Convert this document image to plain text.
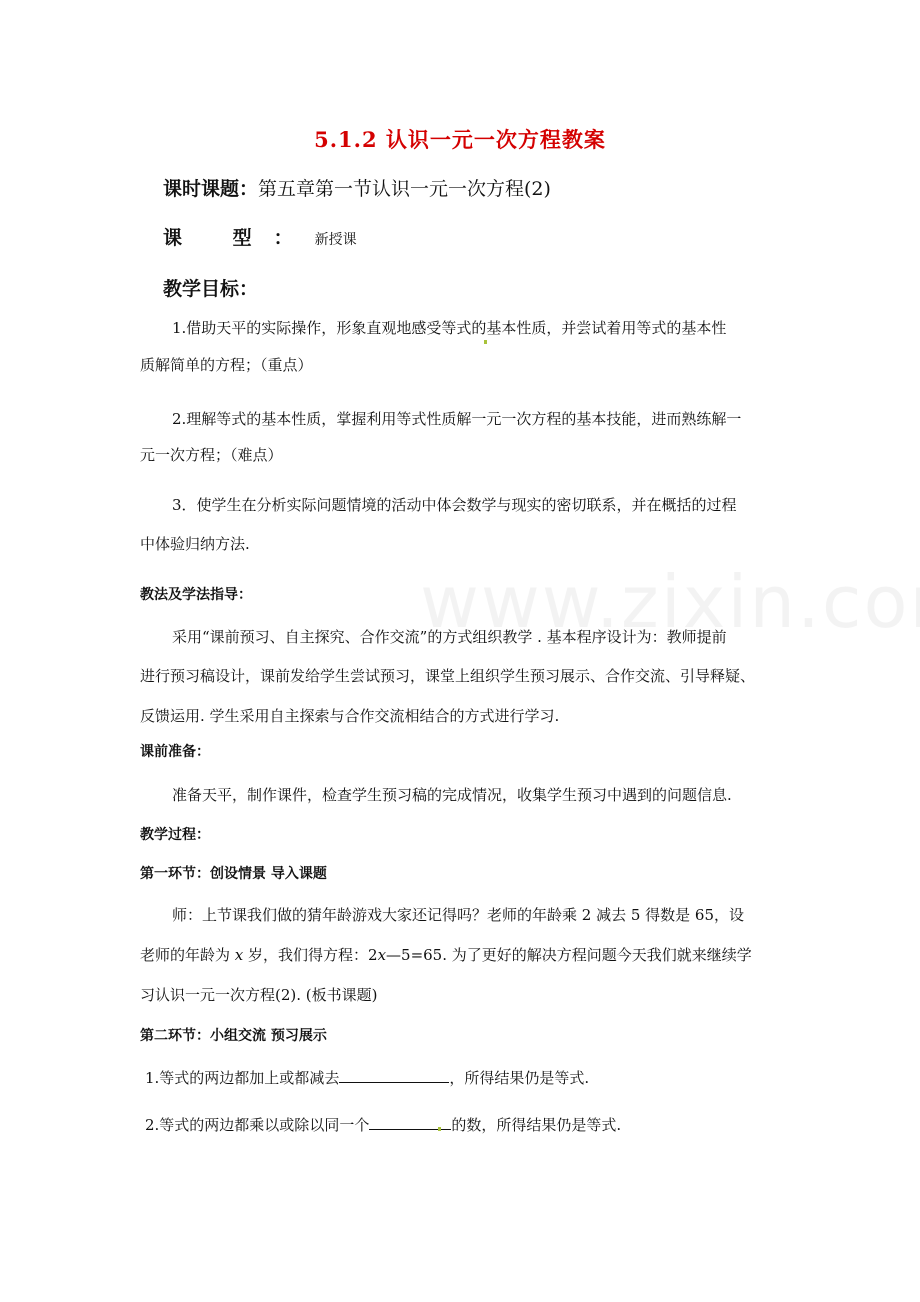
5.1.2 认识一元一次方程教案
课时课题：第五章第一节认识一元一次方程(2)
课 型：新授课
教学目标：
1.借助天平的实际操作，形象直观地感受等式的基本性质，并尝试着用等式的基本性
质解简单的方程；（重点）
2.理解等式的基本性质，掌握利用等式性质解一元一次方程的基本技能，进而熟练解一
元一次方程；（难点）
3．使学生在分析实际问题情境的活动中体会数学与现实的密切联系，并在概括的过程
中体验归纳方法.
教法及学法指导：
采用“课前预习、自主探究、合作交流”的方式组织教学 . 基本程序设计为：教师提前
进行预习稿设计，课前发给学生尝试预习，课堂上组织学生预习展示、合作交流、引导释疑、
反馈运用. 学生采用自主探索与合作交流相结合的方式进行学习.
课前准备：
准备天平，制作课件，检查学生预习稿的完成情况，收集学生预习中遇到的问题信息.
教学过程：
第一环节：创设情景 导入课题
师：上节课我们做的猜年龄游戏大家还记得吗？老师的年龄乘 2 减去 5 得数是 65，设
老师的年龄为 x 岁，我们得方程：2x—5=65. 为了更好的解决方程问题今天我们就来继续学
习认识一元一次方程(2). (板书课题)
第二环节：小组交流 预习展示
1.等式的两边都加上或都减去	，所得结果仍是等式.
2.等式的两边都乘以或除以同一个	的数，所得结果仍是等式.
